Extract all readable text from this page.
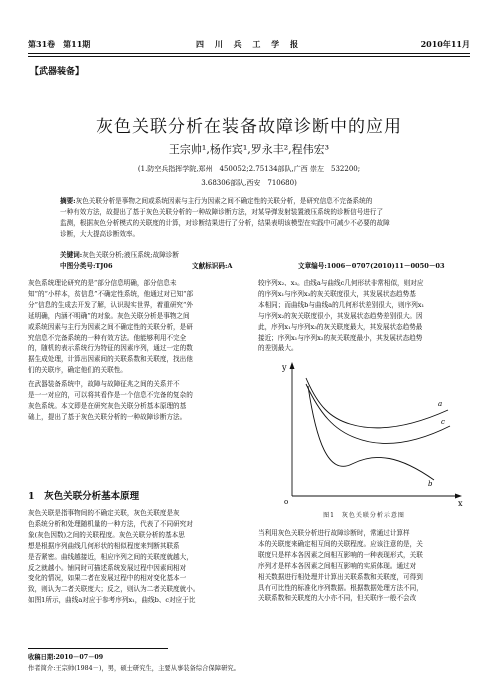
第31卷　第11期	四 川 兵 工 学 报	2010年11月
【武器装备】
灰色关联分析在装备故障诊断中的应用
王宗帅¹,杨作宾¹,罗永丰²,程伟宏³
(1.防空兵指挥学院,郑州　450052;2.75134部队,广西 崇左　532200;
3.68306部队,西安　710680)
摘要:灰色关联分析是事物之间或系统因素与主行为因素之间不确定性的关联分析，是研究信息不完备系统的
一种有效方法，故提出了基于灰色关联分析的一种故障诊断方法，对某导弹发射装置液压系统的诊断信号进行了
监测，根据灰色分析模式的关联度的计算，对诊断结果进行了分析，结果表明该模型在实践中可减少不必要的故障
诊断，大大提高诊断效率。
关键词:灰色关联分析;液压系统;故障诊断
中图分类号:TJ06	文献标识码:A	文章编号:1006－0707(2010)11－0050－03
灰色系统理论研究的是“部分信息明确，部分信息未
知”的“小样本，贫信息”不确定性系统，他通过对已知“部
分”信息的生成去开发了解，认识现实世界，着重研究“外
延明确，内涵不明确”的对象。灰色关联分析是事物之间
或系统因素与主行为因素之间不确定性的关联分析，是研
究信息不完备系统的一种有效方法。他能够利用不完全
的，随机的表示系统行为特征的因素序列，通过一定的数
据生成处理，计算出因素间的关联系数和关联度，找出他
们的关联序，确定他们的关联性。
在武器装备系统中，故障与故障征兆之间的关系并不
是一一对应的，可以将其看作是一个信息不完备的复杂的
灰色系统。本文即是在研究灰色关联分析基本原理的基
础上，提出了基于灰色关联分析的一种故障诊断方法。
1　灰色关联分析基本原理
灰色关联是指事物间的不确定关联，灰色关联度是灰
色系统分析和处理随机量的一种方法，代表了不同研究对
象(灰色因数)之间的关联程度。灰色关联分析的基本思
想是根据序列曲线几何形状的相似程度来判断其联系
是否紧密。曲线越接近，相应序列之间的关联度就越大，
反之就越小。铺同时可描述系统发展过程中因素间相对
变化的情况，如果二者在发展过程中的相对变化基本一
致，则认为二者关联度大；反之，则认为二者关联度就小。
如图1所示，曲线a对应于参考序列x₁，曲线b、c对应于比
较序列x₂、x₃。由线a与曲线c几何形状非常相似，则对应
的序列x₁与序列x₃的灰关联度很大，其发展状态趋势基
本相同；而曲线b与曲线a的几何形状差别很大，则序列x₁
与序列x₂的灰关联度很小，其发展状态趋势差别很大。因
此，序列x₁与序列x₃的灰关联度最大，其发展状态趋势最
接近；序列x₁与序列x₂的灰关联度最小，其发展状态趋势
的差别最大。
y
x
o
a
c
b
图1　灰色关联分析示意图
当利用灰色关联分析进行故障诊断时，常通过计算样
本的关联度来确定相互间的关联程度。应该注意的是，关
联度只是样本各因素之间相互影响的一种表现形式，关联
序列才是样本各因素之间相互影响的实质体现。通过对
相关数据进行相处理并计算出关联系数和关联度，可得到
具有可比性的标准化序列数据。根据数据处理方法不同，
关联系数和关联度的大小亦不同，但关联序一般不会改
收稿日期:2010－07－09
作者简介:王宗帅(1984－)，男，硕士研究生，主要从事装备综合保障研究。
